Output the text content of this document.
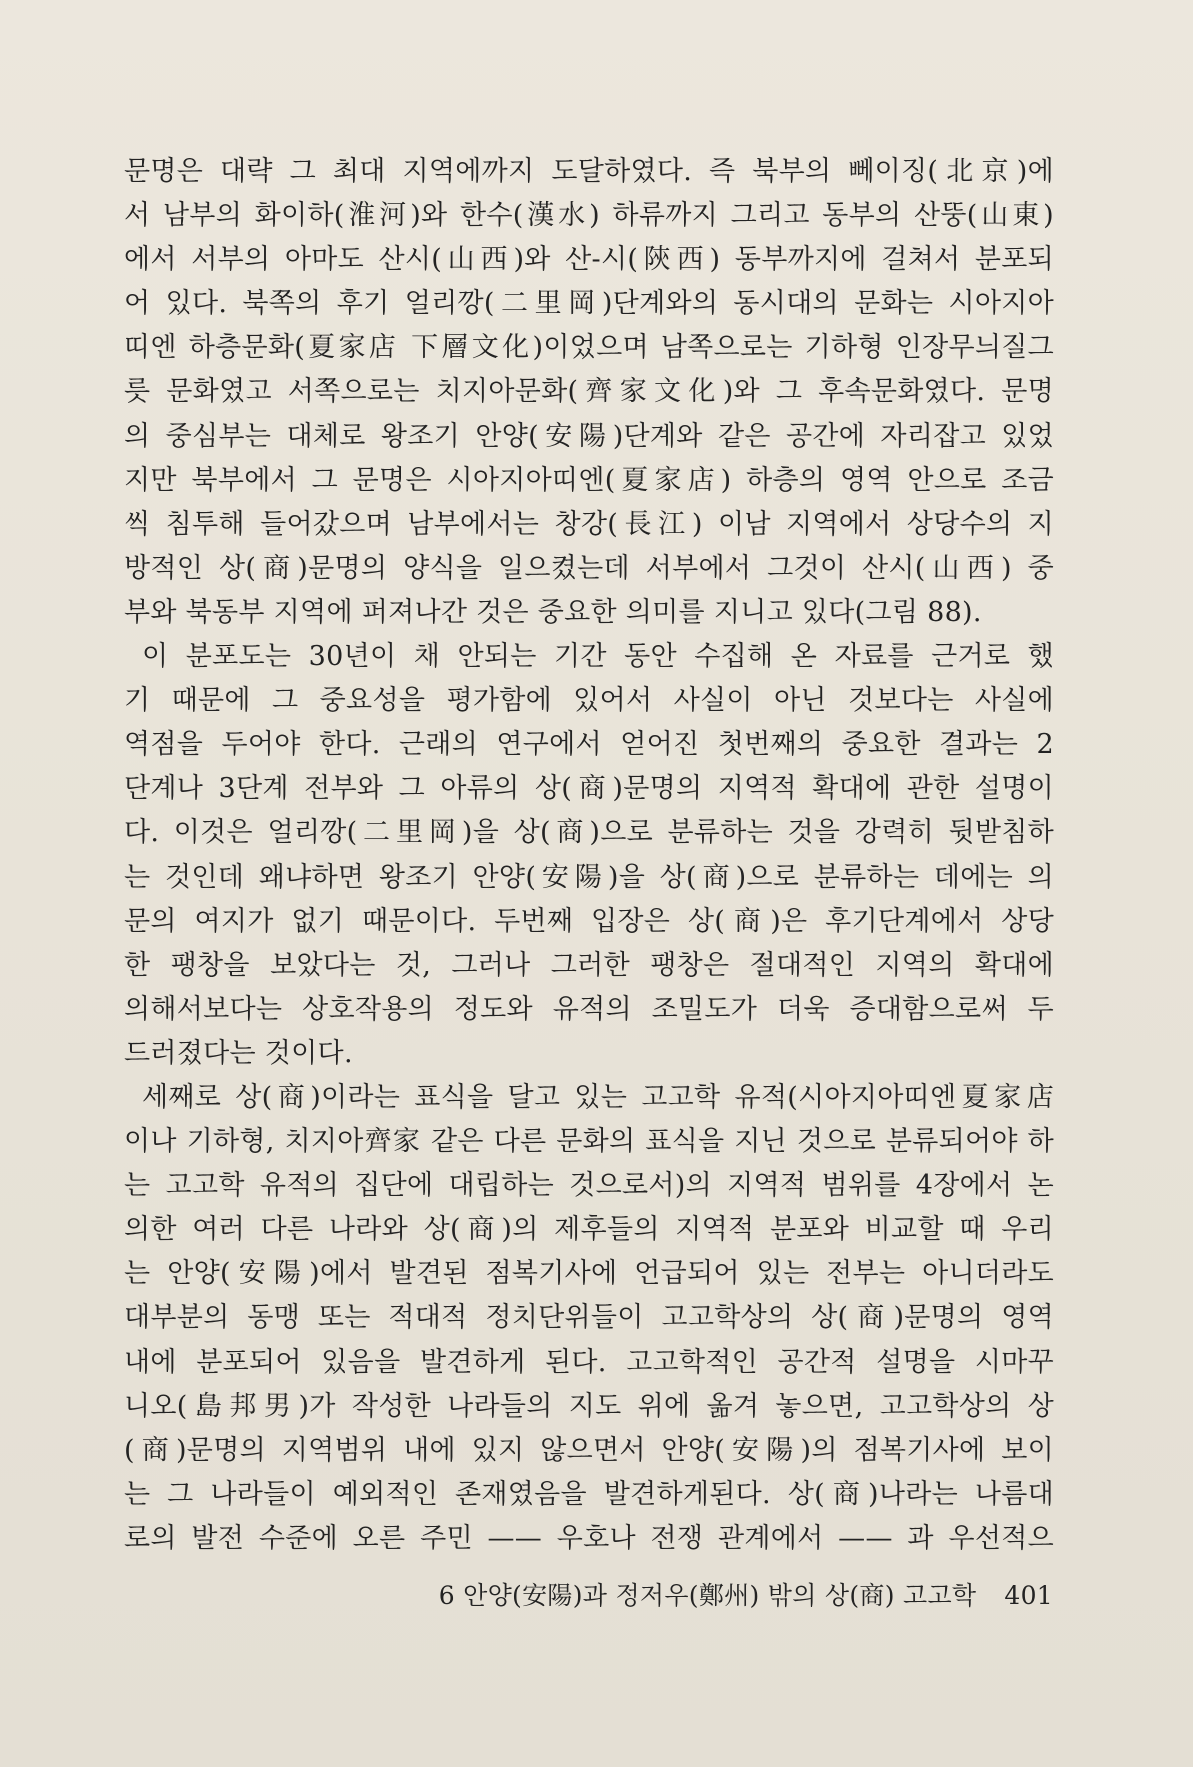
문명은 대략 그 최대 지역에까지 도달하였다. 즉 북부의 뻬이징(北京)에
서 남부의 화이하(淮河)와 한수(漢水) 하류까지 그리고 동부의 산뚱(山東)
에서 서부의 아마도 산시(山西)와 산-시(陝西) 동부까지에 걸쳐서 분포되
어 있다. 북쪽의 후기 얼리깡(二里岡)단계와의 동시대의 문화는 시아지아
띠엔 하층문화(夏家店 下層文化)이었으며 남쪽으로는 기하형 인장무늬질그
릇 문화였고 서쪽으로는 치지아문화(齊家文化)와 그 후속문화였다. 문명
의 중심부는 대체로 왕조기 안양(安陽)단계와 같은 공간에 자리잡고 있었
지만 북부에서 그 문명은 시아지아띠엔(夏家店) 하층의 영역 안으로 조금
씩 침투해 들어갔으며 남부에서는 창강(長江) 이남 지역에서 상당수의 지
방적인 상(商)문명의 양식을 일으켰는데 서부에서 그것이 산시(山西) 중
부와 북동부 지역에 퍼져나간 것은 중요한 의미를 지니고 있다(그림 88).
이 분포도는 30년이 채 안되는 기간 동안 수집해 온 자료를 근거로 했
기 때문에 그 중요성을 평가함에 있어서 사실이 아닌 것보다는 사실에
역점을 두어야 한다. 근래의 연구에서 얻어진 첫번째의 중요한 결과는 2
단계나 3단계 전부와 그 아류의 상(商)문명의 지역적 확대에 관한 설명이
다. 이것은 얼리깡(二里岡)을 상(商)으로 분류하는 것을 강력히 뒷받침하
는 것인데 왜냐하면 왕조기 안양(安陽)을 상(商)으로 분류하는 데에는 의
문의 여지가 없기 때문이다. 두번째 입장은 상(商)은 후기단계에서 상당
한 팽창을 보았다는 것, 그러나 그러한 팽창은 절대적인 지역의 확대에
의해서보다는 상호작용의 정도와 유적의 조밀도가 더욱 증대함으로써 두
드러졌다는 것이다.
세째로 상(商)이라는 표식을 달고 있는 고고학 유적(시아지아띠엔夏家店
이나 기하형, 치지아齊家 같은 다른 문화의 표식을 지닌 것으로 분류되어야 하
는 고고학 유적의 집단에 대립하는 것으로서)의 지역적 범위를 4장에서 논
의한 여러 다른 나라와 상(商)의 제후들의 지역적 분포와 비교할 때 우리
는 안양(安陽)에서 발견된 점복기사에 언급되어 있는 전부는 아니더라도
대부분의 동맹 또는 적대적 정치단위들이 고고학상의 상(商)문명의 영역
내에 분포되어 있음을 발견하게 된다. 고고학적인 공간적 설명을 시마꾸
니오(島邦男)가 작성한 나라들의 지도 위에 옮겨 놓으면, 고고학상의 상
(商)문명의 지역범위 내에 있지 않으면서 안양(安陽)의 점복기사에 보이
는 그 나라들이 예외적인 존재였음을 발견하게된다. 상(商)나라는 나름대
로의 발전 수준에 오른 주민 —— 우호나 전쟁 관계에서 —— 과 우선적으
6 안양(安陽)과 정저우(鄭州) 밖의 상(商) 고고학 401
